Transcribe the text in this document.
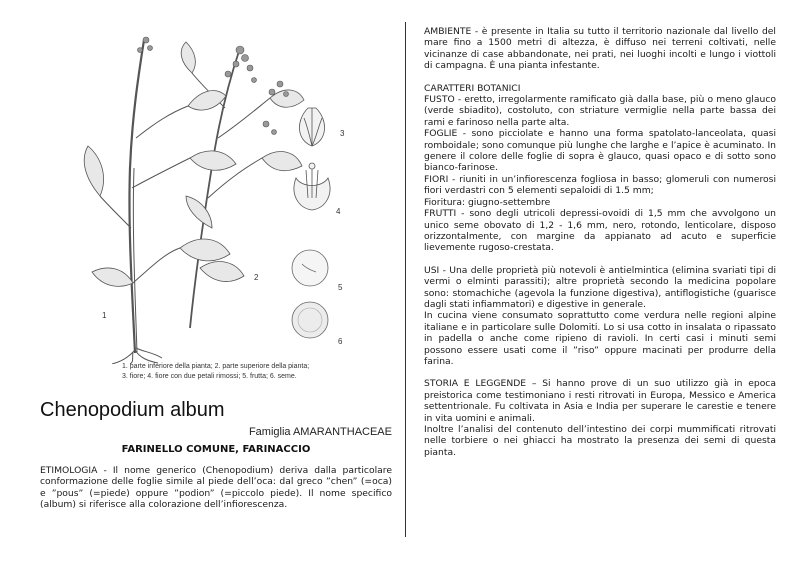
3
4
5
6
1
2
1. parte inferiore della pianta; 2. parte superiore della pianta;
3. fiore; 4. fiore con due petali rimossi; 5. frutta; 6. seme.
Chenopodium album
Famiglia AMARANTHACEAE
FARINELLO COMUNE, FARINACCIO

ETIMOLOGIA - Il nome generico (Chenopodium) deriva dalla particolare conformazione delle foglie simile al piede dell’oca: dal greco ”chen” (=oca) e ”pous” (=piede) oppure ”podion” (=piccolo piede). Il nome specifico (album) si riferisce alla colorazione dell’infiorescenza.

AMBIENTE - è presente in Italia su tutto il territorio nazionale dal livello del mare fino a 1500 metri di altezza, è diffuso nei terreni coltivati, nelle vicinanze di case abbandonate, nei prati, nei luoghi incolti e lungo i viottoli di campagna. È una pianta infestante.

CARATTERI BOTANICI

FUSTO - eretto, irregolarmente ramificato già dalla base, più o meno glauco (verde sbiadito), costoluto, con striature vermiglie nella parte bassa dei rami e farinoso nella parte alta.

FOGLIE - sono picciolate e hanno una forma spatolato-lanceolata, quasi romboidale; sono comunque più lunghe che larghe e l’apice è acuminato. In genere il colore delle foglie di sopra è glauco, quasi opaco e di sotto sono bianco-farinose.

FIORI - riuniti in un’infiorescenza fogliosa in basso; glomeruli con numerosi fiori verdastri con 5 elementi sepaloidi di 1.5 mm;

Fioritura: giugno-settembre

FRUTTI - sono degli utricoli depressi-ovoidi di 1,5 mm che avvolgono un unico seme obovato di 1,2 - 1,6 mm, nero, rotondo, lenticolare, disposo orizzontalmente, con margine da appianato ad acuto e superficie lievemente rugoso-crestata.

USI - Una delle proprietà più notevoli è antielmintica (elimina svariati tipi di vermi o elminti parassiti); altre proprietà secondo la medicina popolare sono: stomachiche (agevola la funzione digestiva), antiflogistiche (guarisce dagli stati infiammatori) e digestive in generale.

In cucina viene consumato soprattutto come verdura nelle regioni alpine italiane e in particolare sulle Dolomiti. Lo si usa cotto in insalata o ripassato in padella o anche come ripieno di ravioli. In certi casi i minuti semi possono essere usati come il ”riso” oppure macinati per produrre della farina.

STORIA E LEGGENDE – Si hanno prove di un suo utilizzo già in epoca preistorica come testimoniano i resti ritrovati in Europa, Messico e America settentrionale. Fu coltivata in Asia e India per superare le carestie e tenere in vita uomini e animali.

Inoltre l’analisi del contenuto dell’intestino dei corpi mummificati ritrovati nelle torbiere o nei ghiacci ha mostrato la presenza dei semi di questa pianta.
